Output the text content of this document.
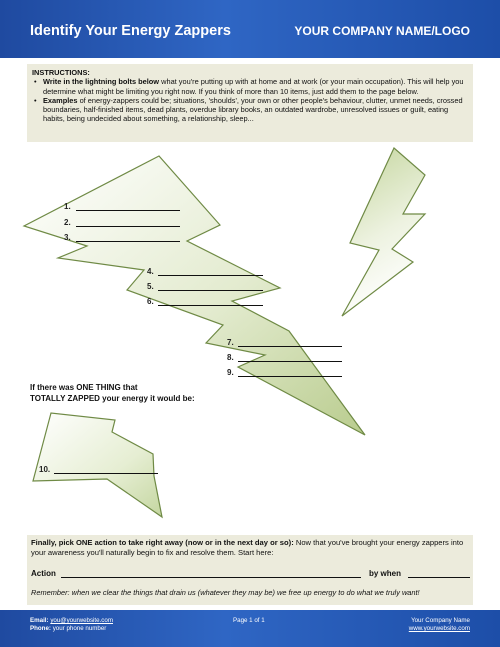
Identify Your Energy Zappers	YOUR COMPANY NAME/LOGO
INSTRUCTIONS:
• Write in the lightning bolts below what you're putting up with at home and at work (or your main occupation). This will help you determine what might be limiting you right now. If you think of more than 10 items, just add them to the page below.
• Examples of energy-zappers could be; situations, 'shoulds', your own or other people's behaviour, clutter, unmet needs, crossed boundaries, half-finished items, dead plants, overdue library books, an outdated wardrobe, unresolved issues or guilt, eating habits, being undecided about something, a relationship, sleep...
1.
2.
3.
4.
5.
6.
7.
8.
9.
If there was ONE THING that
TOTALLY ZAPPED your energy it would be:
10.
Finally, pick ONE action to take right away (now or in the next day or so): Now that you've brought your energy zappers into your awareness you'll naturally begin to fix and resolve them. Start here:
Action	by when
Remember: when we clear the things that drain us (whatever they may be) we free up energy to do what we truly want!
Email: you@yourwebsite.com
Phone: your phone number
Page 1 of 1	Your Company Name
www.yourwebsite.com
